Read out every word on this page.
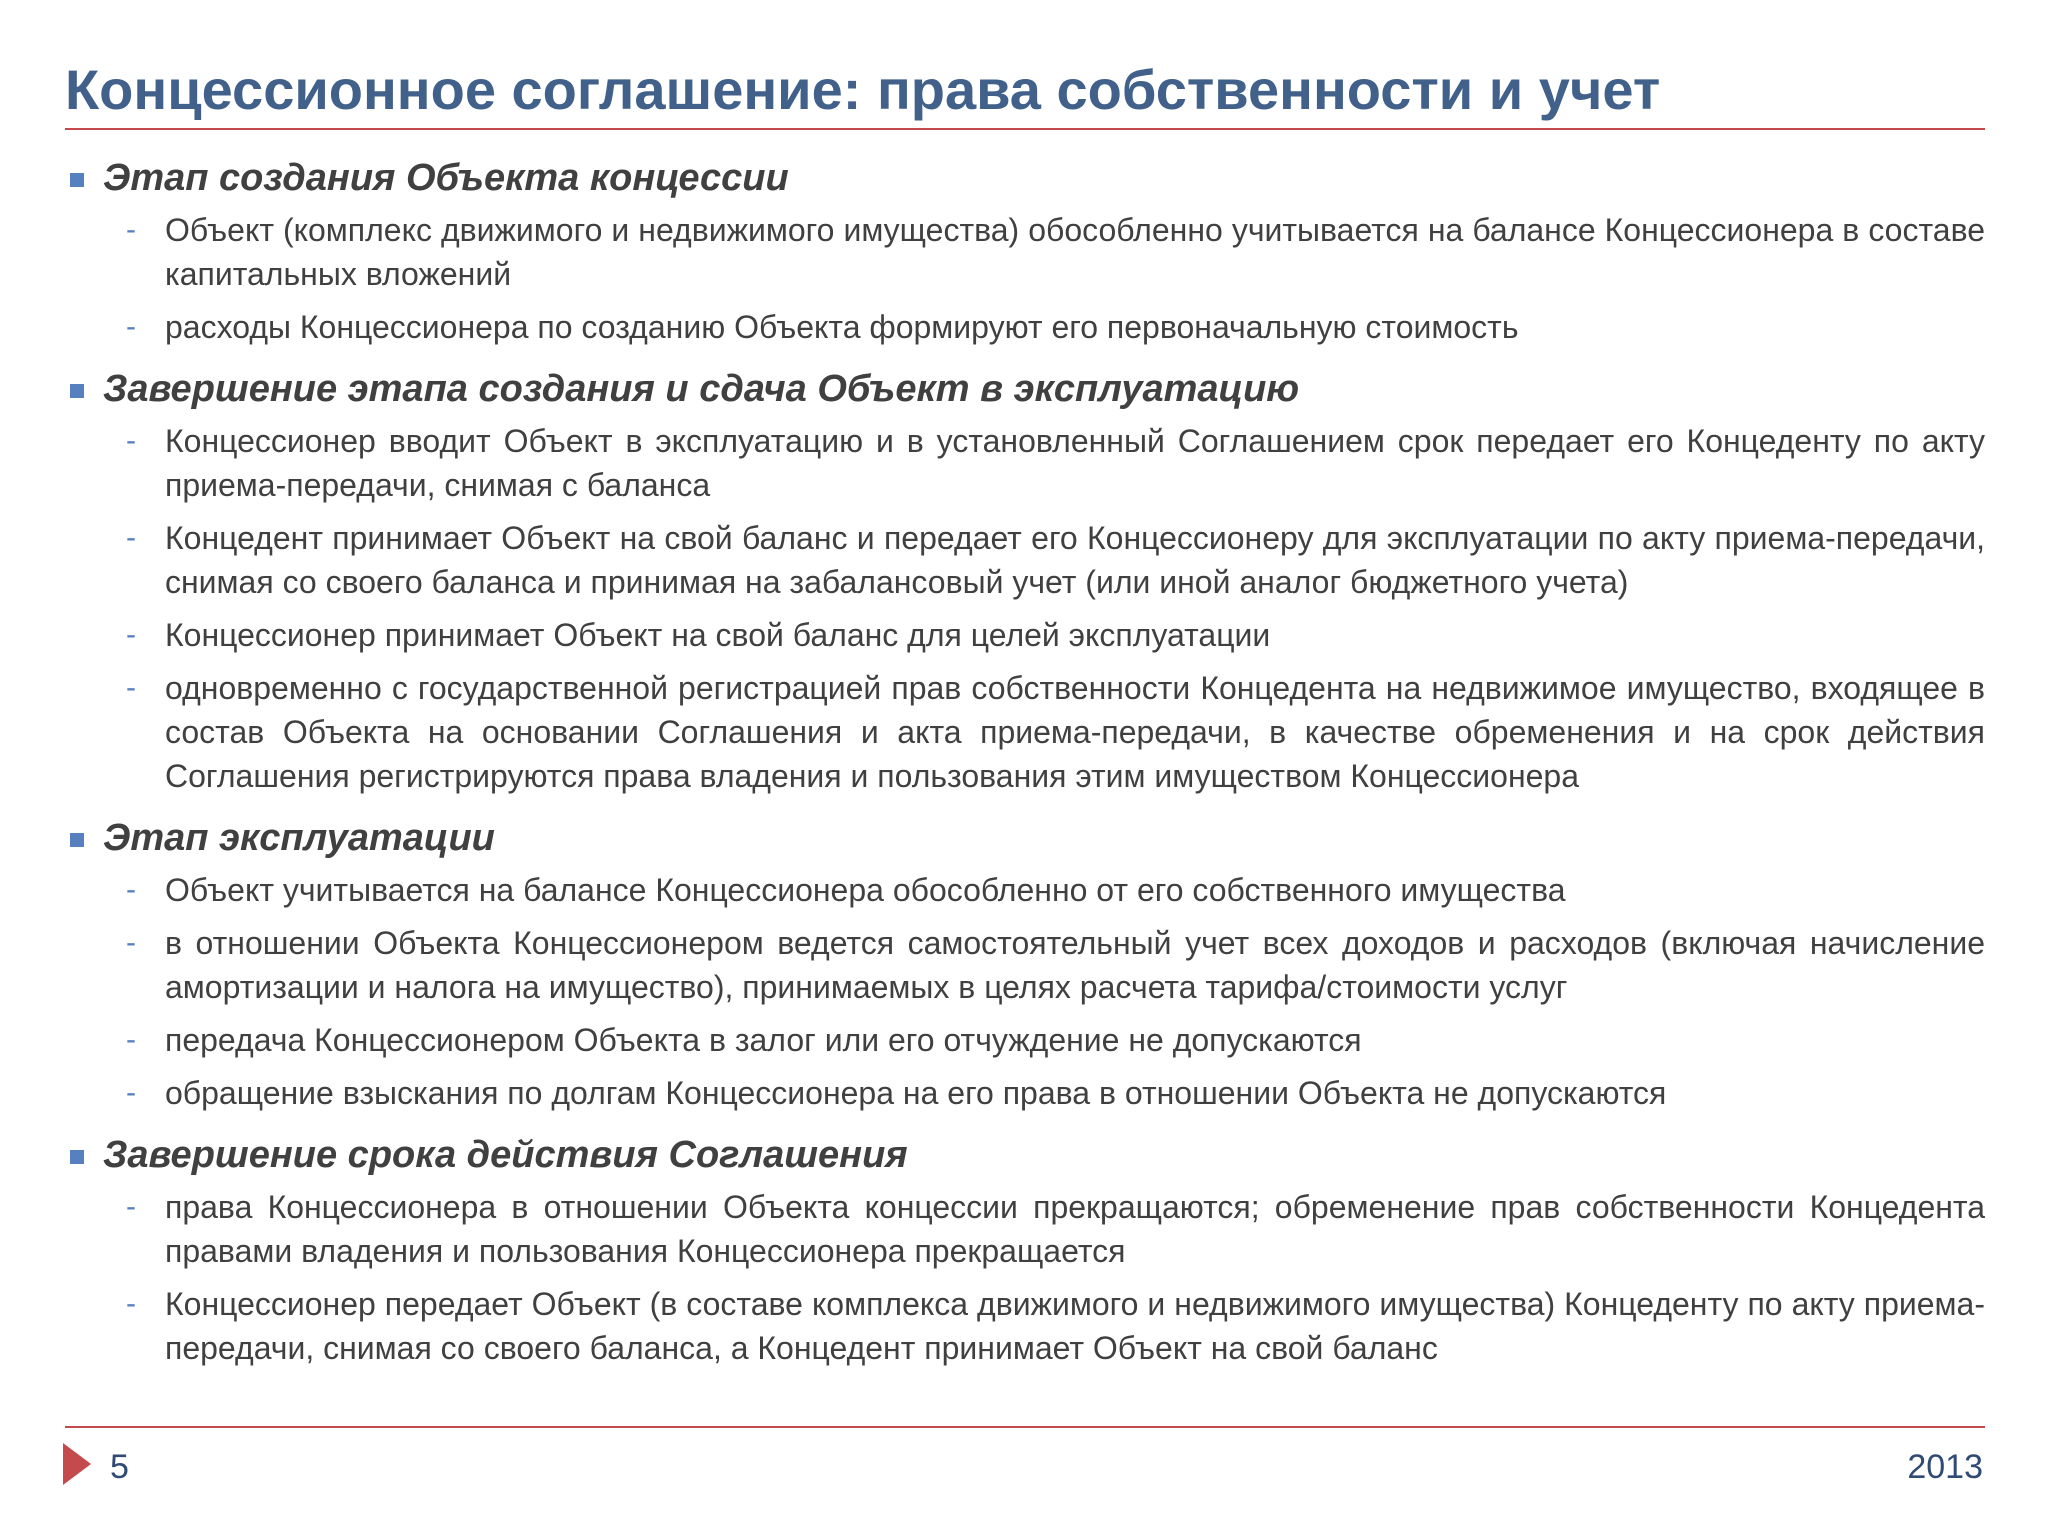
Концессионное соглашение: права собственности и учет
Этап создания Объекта концессии
- Объект (комплекс движимого и недвижимого имущества) обособленно учитывается на балансе Концессионера в составе капитальных вложений
- расходы Концессионера по созданию Объекта формируют его первоначальную стоимость
Завершение этапа создания и сдача Объект в эксплуатацию
- Концессионер вводит Объект в эксплуатацию и в установленный Соглашением срок передает его Концеденту по акту приема-передачи, снимая с баланса
- Концедент принимает Объект на свой баланс и передает его Концессионеру для эксплуатации по акту приема-передачи, снимая со своего баланса и принимая на забалансовый учет (или иной аналог бюджетного учета)
- Концессионер принимает Объект на свой баланс для целей эксплуатации
- одновременно с государственной регистрацией прав собственности Концедента на недвижимое имущество, входящее в состав Объекта на основании Соглашения и акта приема-передачи, в качестве обременения и на срок действия Соглашения регистрируются права владения и пользования этим имуществом Концессионера
Этап эксплуатации
- Объект учитывается на балансе Концессионера обособленно от его собственного имущества
- в отношении Объекта Концессионером ведется самостоятельный учет всех доходов и расходов (включая начисление амортизации и налога на имущество), принимаемых в целях расчета тарифа/стоимости услуг
- передача Концессионером Объекта в залог или его отчуждение не допускаются
- обращение взыскания по долгам Концессионера на его права в отношении Объекта не допускаются
Завершение срока действия Соглашения
- права Концессионера в отношении Объекта концессии прекращаются; обременение прав собственности Концедента правами владения и пользования Концессионера прекращается
- Концессионер передает Объект (в составе комплекса движимого и недвижимого имущества) Концеденту по акту приема-передачи, снимая со своего баланса, а Концедент принимает Объект на свой баланс
5	2013
